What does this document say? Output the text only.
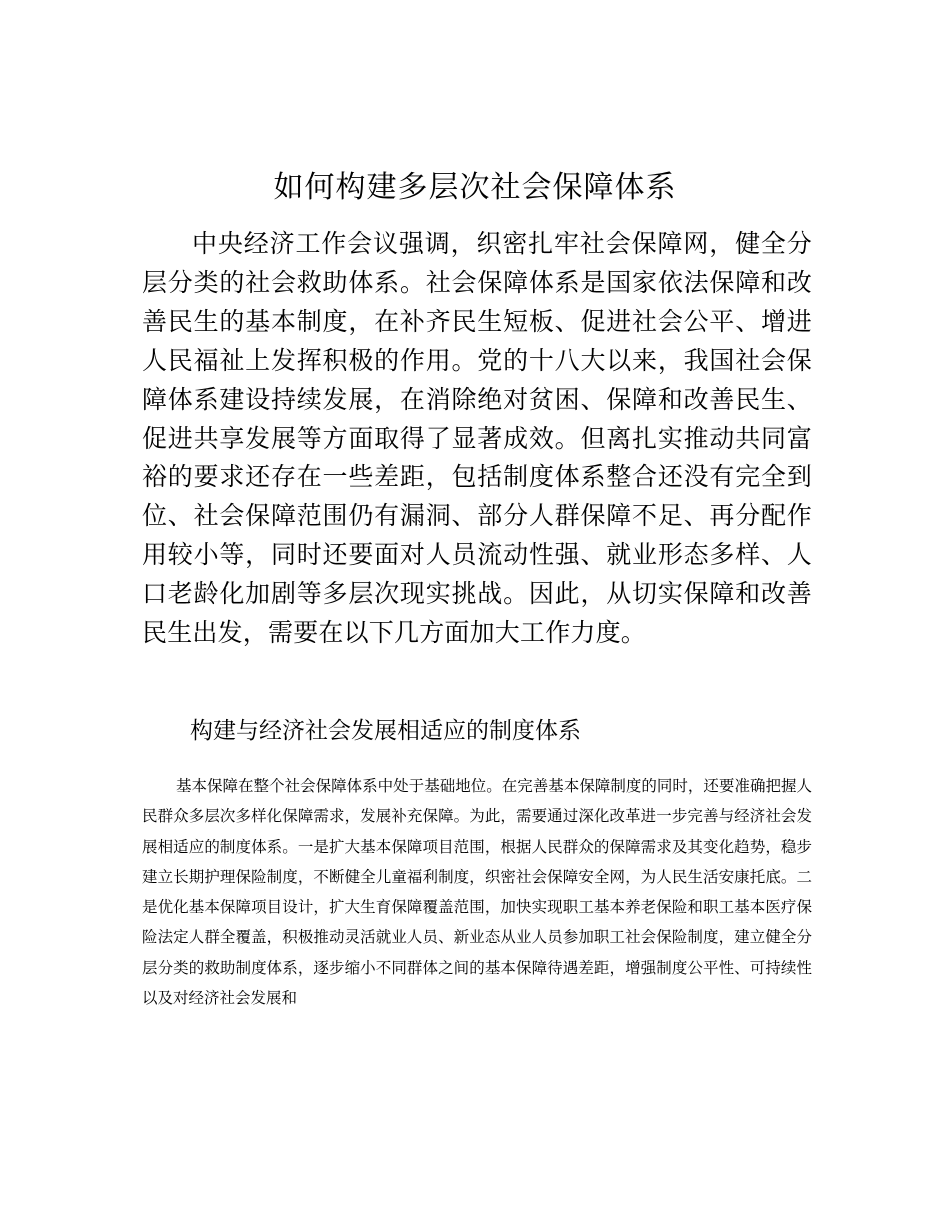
如何构建多层次社会保障体系

中央经济工作会议强调，织密扎牢社会保障网，健全分层分类的社会救助体系。社会保障体系是国家依法保障和改善民生的基本制度，在补齐民生短板、促进社会公平、增进人民福祉上发挥积极的作用。党的十八大以来，我国社会保障体系建设持续发展，在消除绝对贫困、保障和改善民生、促进共享发展等方面取得了显著成效。但离扎实推动共同富裕的要求还存在一些差距，包括制度体系整合还没有完全到位、社会保障范围仍有漏洞、部分人群保障不足、再分配作用较小等，同时还要面对人员流动性强、就业形态多样、人口老龄化加剧等多层次现实挑战。因此，从切实保障和改善民生出发，需要在以下几方面加大工作力度。

构建与经济社会发展相适应的制度体系

基本保障在整个社会保障体系中处于基础地位。在完善基本保障制度的同时，还要准确把握人民群众多层次多样化保障需求，发展补充保障。为此，需要通过深化改革进一步完善与经济社会发展相适应的制度体系。一是扩大基本保障项目范围，根据人民群众的保障需求及其变化趋势，稳步建立长期护理保险制度，不断健全儿童福利制度，织密社会保障安全网，为人民生活安康托底。二是优化基本保障项目设计，扩大生育保障覆盖范围，加快实现职工基本养老保险和职工基本医疗保险法定人群全覆盖，积极推动灵活就业人员、新业态从业人员参加职工社会保险制度，建立健全分层分类的救助制度体系，逐步缩小不同群体之间的基本保障待遇差距，增强制度公平性、可持续性以及对经济社会发展和
